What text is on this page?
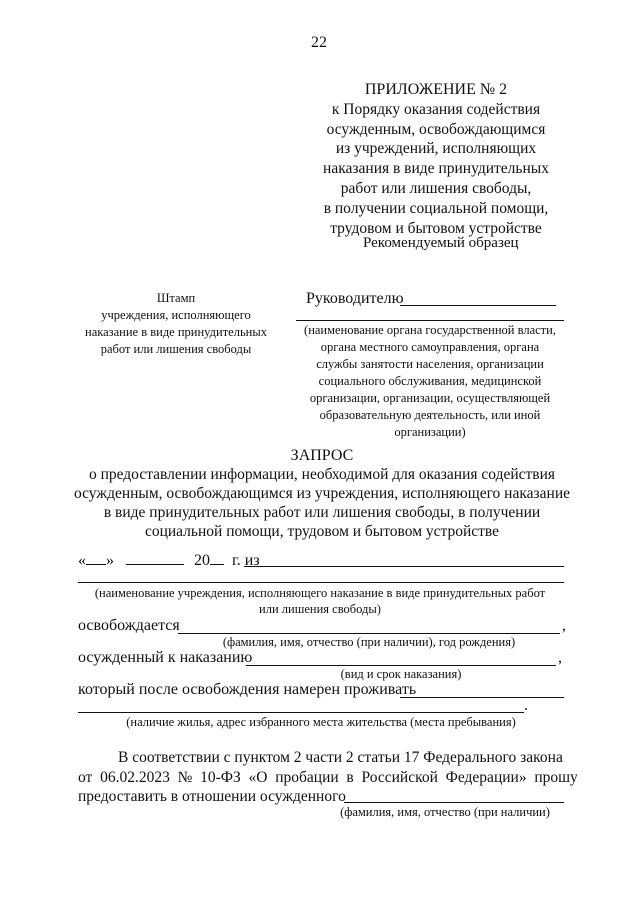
22
ПРИЛОЖЕНИЕ № 2
к Порядку оказания содействия
осужденным, освобождающимся
из учреждений, исполняющих
наказания в виде принудительных
работ или лишения свободы,
в получении социальной помощи,
трудовом и бытовом устройстве
Рекомендуемый образец
Штамп
учреждения, исполняющего
наказание в виде принудительных
работ или лишения свободы
Руководителю
(наименование органа государственной власти,
органа местного самоуправления, органа
службы занятости населения, организации
социального обслуживания, медицинской
организации, организации, осуществляющей
образовательную деятельность, или иной
организации)
ЗАПРОС
о предоставлении информации, необходимой для оказания содействия
осужденным, освобождающимся из учреждения, исполняющего наказание
в виде принудительных работ или лишения свободы, в получении
социальной помощи, трудовом и бытовом устройстве
« »	20 г. из
(наименование учреждения, исполняющего наказание в виде принудительных работ
или лишения свободы)
освобождается	,
(фамилия, имя, отчество (при наличии), год рождения)
осужденный к наказанию	,
(вид и срок наказания)
который после освобождения намерен проживать
.
(наличие жилья, адрес избранного места жительства (места пребывания)
В соответствии с пунктом 2 части 2 статьи 17 Федерального закона
от  06.02.2023  №  10-ФЗ  «О  пробации  в  Российской  Федерации»  прошу
предоставить в отношении осужденного
(фамилия, имя, отчество (при наличии)
